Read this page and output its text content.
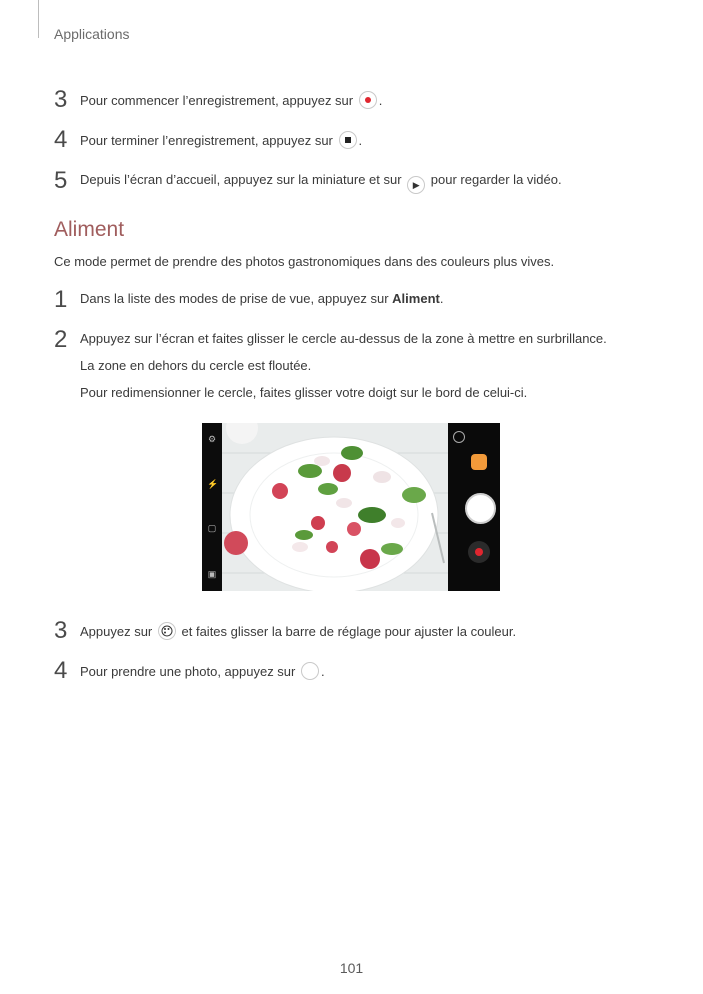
Applications
3 Pour commencer l’enregistrement, appuyez sur .
4 Pour terminer l’enregistrement, appuyez sur .
5 Depuis l’écran d’accueil, appuyez sur la miniature et sur ▶ pour regarder la vidéo.
Aliment
Ce mode permet de prendre des photos gastronomiques dans des couleurs plus vives.
1 Dans la liste des modes de prise de vue, appuyez sur Aliment.
2 Appuyez sur l’écran et faites glisser le cercle au-dessus de la zone à mettre en surbrillance.
La zone en dehors du cercle est floutée.
Pour redimensionner le cercle, faites glisser votre doigt sur le bord de celui-ci.
⚙
⚡
▢
▣
3 Appuyez sur et faites glisser la barre de réglage pour ajuster la couleur.
4 Pour prendre une photo, appuyez sur .
101
